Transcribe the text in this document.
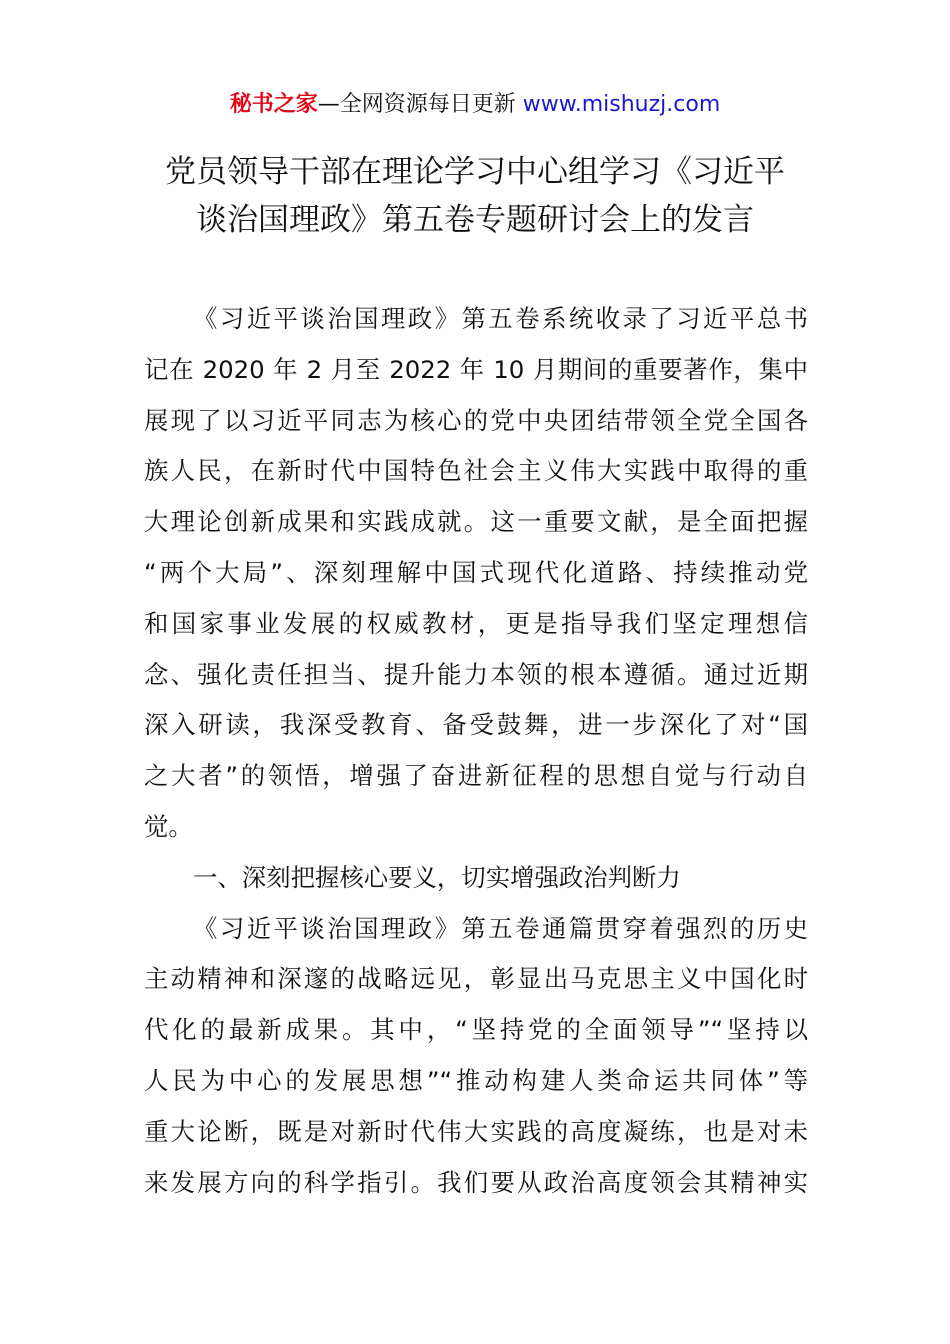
秘书之家—全网资源每日更新 www.mishuzj.com
党员领导干部在理论学习中心组学习《习近平
谈治国理政》第五卷专题研讨会上的发言
《习近平谈治国理政》第五卷系统收录了习近平总书
记在 2020 年 2 月至 2022 年 10 月期间的重要著作，集中
展现了以习近平同志为核心的党中央团结带领全党全国各
族人民，在新时代中国特色社会主义伟大实践中取得的重
大理论创新成果和实践成就。这一重要文献，是全面把握
“两个大局”、深刻理解中国式现代化道路、持续推动党
和国家事业发展的权威教材，更是指导我们坚定理想信
念、强化责任担当、提升能力本领的根本遵循。通过近期
深入研读，我深受教育、备受鼓舞，进一步深化了对“国
之大者”的领悟，增强了奋进新征程的思想自觉与行动自
觉。
一、深刻把握核心要义，切实增强政治判断力
《习近平谈治国理政》第五卷通篇贯穿着强烈的历史
主动精神和深邃的战略远见，彰显出马克思主义中国化时
代化的最新成果。其中，“坚持党的全面领导”“坚持以
人民为中心的发展思想”“推动构建人类命运共同体”等
重大论断，既是对新时代伟大实践的高度凝练，也是对未
来发展方向的科学指引。我们要从政治高度领会其精神实
